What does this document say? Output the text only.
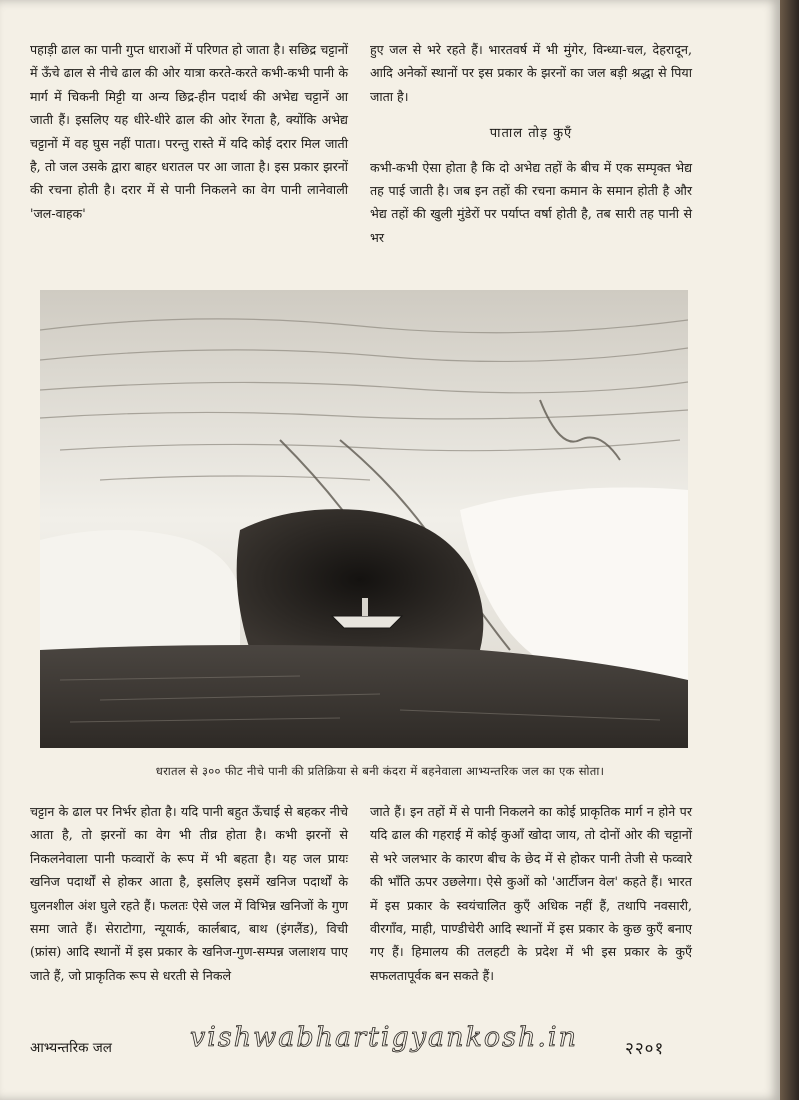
पहाड़ी ढाल का पानी गुप्त धाराओं में परिणत हो जाता है। सछिद्र चट्टानों में ऊँचे ढाल से नीचे ढाल की ओर यात्रा करते-करते कभी-कभी पानी के मार्ग में चिकनी मिट्टी या अन्य छिद्र-हीन पदार्थ की अभेद्य चट्टानें आ जाती हैं। इसलिए यह धीरे-धीरे ढाल की ओर रेंगता है, क्योंकि अभेद्य चट्टानों में वह घुस नहीं पाता। परन्तु रास्ते में यदि कोई दरार मिल जाती है, तो जल उसके द्वारा बाहर धरातल पर आ जाता है। इस प्रकार झरनों की रचना होती है। दरार में से पानी निकलने का वेग पानी लानेवाली 'जल-वाहक'

हुए जल से भरे रहते हैं। भारतवर्ष में भी मुंगेर, विन्ध्या-चल, देहरादून, आदि अनेकों स्थानों पर इस प्रकार के झरनों का जल बड़ी श्रद्धा से पिया जाता है।

पाताल तोड़ कुएँ

कभी-कभी ऐसा होता है कि दो अभेद्य तहों के बीच में एक सम्पृक्त भेद्य तह पाई जाती है। जब इन तहों की रचना कमान के समान होती है और भेद्य तहों की खुली मुंडेरों पर पर्याप्त वर्षा होती है, तब सारी तह पानी से भर

धरातल से ३०० फीट नीचे पानी की प्रतिक्रिया से बनी कंदरा में बहनेवाला आभ्यन्तरिक जल का एक सोता।

चट्टान के ढाल पर निर्भर होता है। यदि पानी बहुत ऊँचाई से बहकर नीचे आता है, तो झरनों का वेग भी तीव्र होता है। कभी झरनों से निकलनेवाला पानी फव्वारों के रूप में भी बहता है। यह जल प्रायः खनिज पदार्थों से होकर आता है, इसलिए इसमें खनिज पदार्थों के घुलनशील अंश घुले रहते हैं। फलतः ऐसे जल में विभिन्न खनिजों के गुण समा जाते हैं। सेराटोगा, न्यूयार्क, कार्लबाद, बाथ (इंगलैंड), विची (फ्रांस) आदि स्थानों में इस प्रकार के खनिज-गुण-सम्पन्न जलाशय पाए जाते हैं, जो प्राकृतिक रूप से धरती से निकले

जाते हैं। इन तहों में से पानी निकलने का कोई प्राकृतिक मार्ग न होने पर यदि ढाल की गहराई में कोई कुआँ खोदा जाय, तो दोनों ओर की चट्टानों से भरे जलभार के कारण बीच के छेद में से होकर पानी तेजी से फव्वारे की भाँति ऊपर उछलेगा। ऐसे कुओं को 'आर्टीजन वेल' कहते हैं। भारत में इस प्रकार के स्वयंचालित कुएँ अधिक नहीं हैं, तथापि नवसारी, वीरगाँव, माही, पाण्डीचेरी आदि स्थानों में इस प्रकार के कुछ कुएँ बनाए गए हैं। हिमालय की तलहटी के प्रदेश में भी इस प्रकार के कुएँ सफलतापूर्वक बन सकते हैं।

आभ्यन्तरिक जल	vishwabhartigyankosh.in	२२०१
